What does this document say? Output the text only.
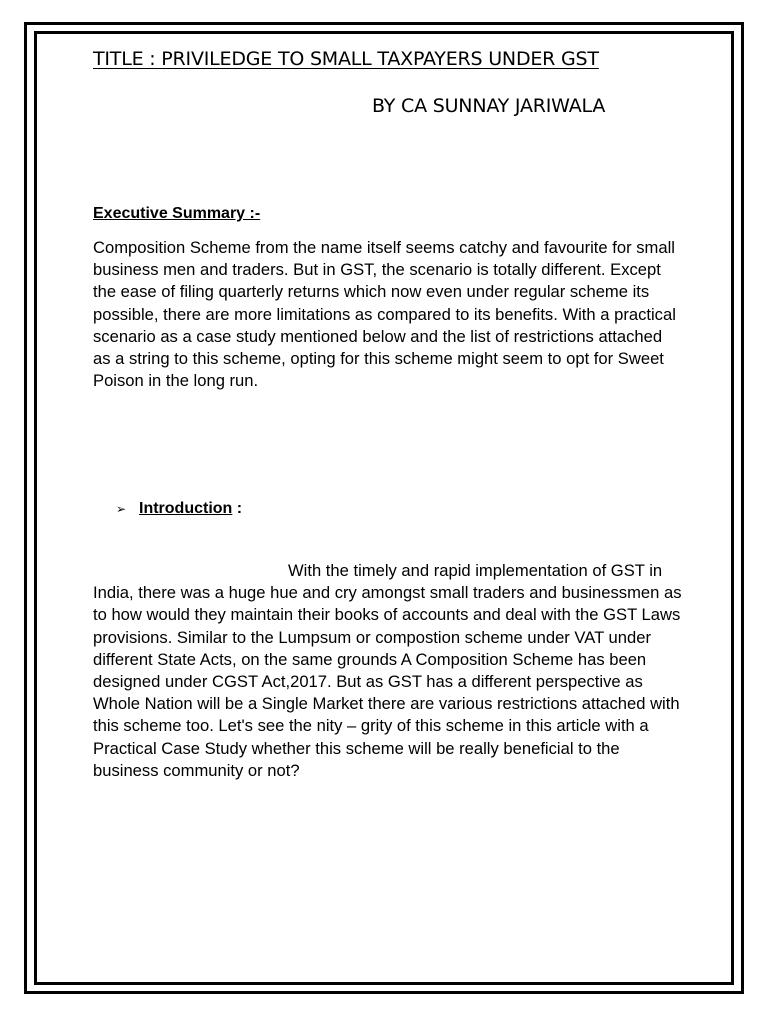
TITLE : PRIVILEDGE TO SMALL TAXPAYERS UNDER GST
BY CA SUNNAY JARIWALA
Executive Summary :-

Composition Scheme from the name itself seems catchy and favourite for small business men and traders. But in GST, the scenario is totally different. Except the ease of filing quarterly returns which now even under regular scheme its possible, there are more limitations as compared to its benefits. With a practical scenario as a case study mentioned below and the list of restrictions attached as a string to this scheme, opting for this scheme might seem to opt for Sweet Poison in the long run.

➢ Introduction :

With the timely and rapid implementation of GST in India, there was a huge hue and cry amongst small traders and businessmen as to how would they maintain their books of accounts and deal with the GST Laws provisions. Similar to the Lumpsum or compostion scheme under VAT under different State Acts, on the same grounds A Composition Scheme has been designed under CGST Act,2017. But as GST has a different perspective as Whole Nation will be a Single Market there are various restrictions attached with this scheme too. Let's see the nity – grity of this scheme in this article with a Practical Case Study whether this scheme will be really beneficial to the business community or not?
